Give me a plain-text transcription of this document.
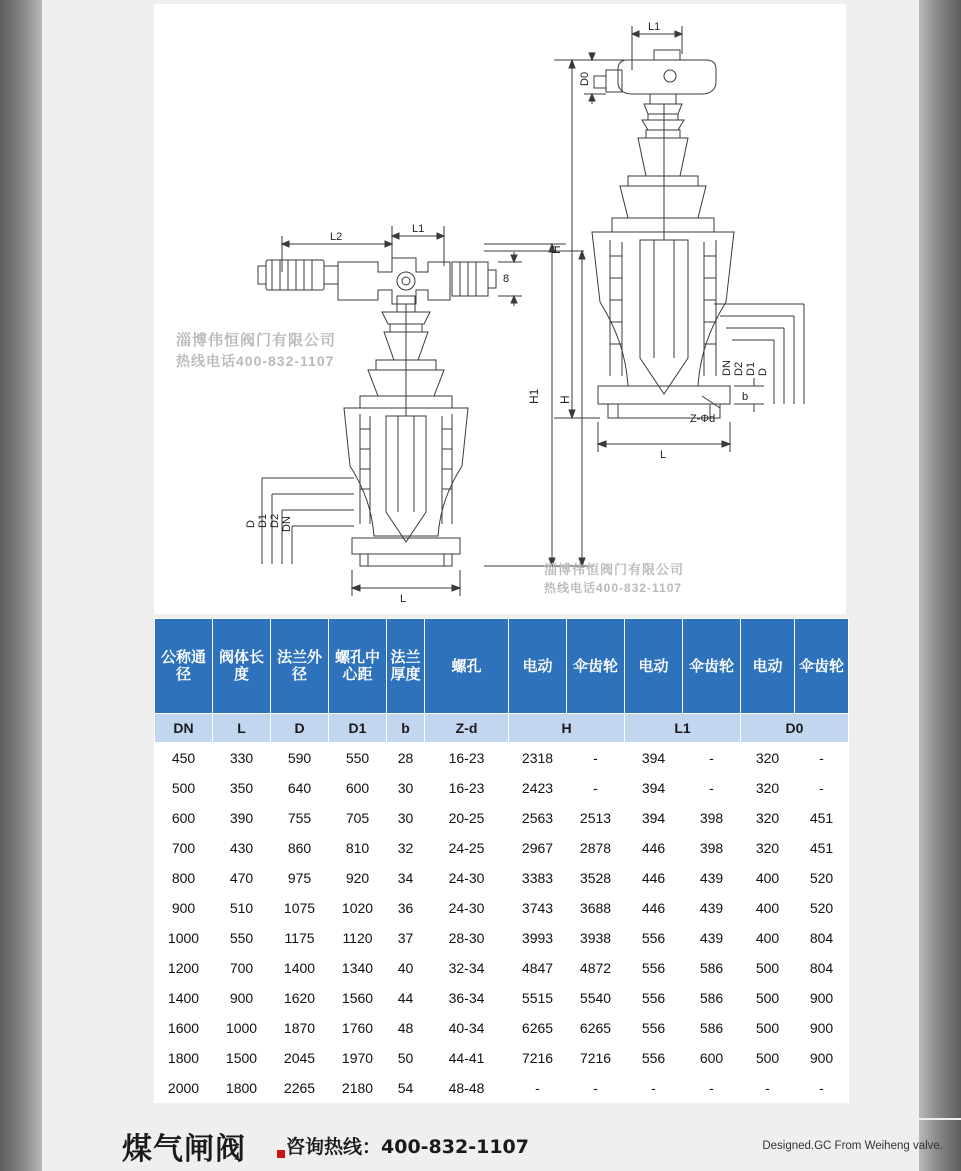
L2
L1
8
H1 H
D D1 D2 DN
L
L1
D0
H
DN D2 D1 D
b
Z-Φd
L
淄博伟恒阀门有限公司
热线电话400-832-1107
淄博伟恒阀门有限公司
热线电话400-832-1107
公称通径	阀体长度	法兰外径	螺孔中心距	法兰厚度	螺孔	电动	伞齿轮	电动	伞齿轮	电动	伞齿轮
DN	L	D	D1	b	Z-d	H		L1		D0	
450	330	590	550	28	16-23	2318	-	394	-	320	-
500	350	640	600	30	16-23	2423	-	394	-	320	-
600	390	755	705	30	20-25	2563	2513	394	398	320	451
700	430	860	810	32	24-25	2967	2878	446	398	320	451
800	470	975	920	34	24-30	3383	3528	446	439	400	520
900	510	1075	1020	36	24-30	3743	3688	446	439	400	520
1000	550	1175	1120	37	28-30	3993	3938	556	439	400	804
1200	700	1400	1340	40	32-34	4847	4872	556	586	500	804
1400	900	1620	1560	44	36-34	5515	5540	556	586	500	900
1600	1000	1870	1760	48	40-34	6265	6265	556	586	500	900
1800	1500	2045	1970	50	44-41	7216	7216	556	600	500	900
2000	1800	2265	2180	54	48-48	-	-	-	-	-	-
煤气闸阀 咨询热线：400-832-1107	Designed.GC From Weiheng valve.
